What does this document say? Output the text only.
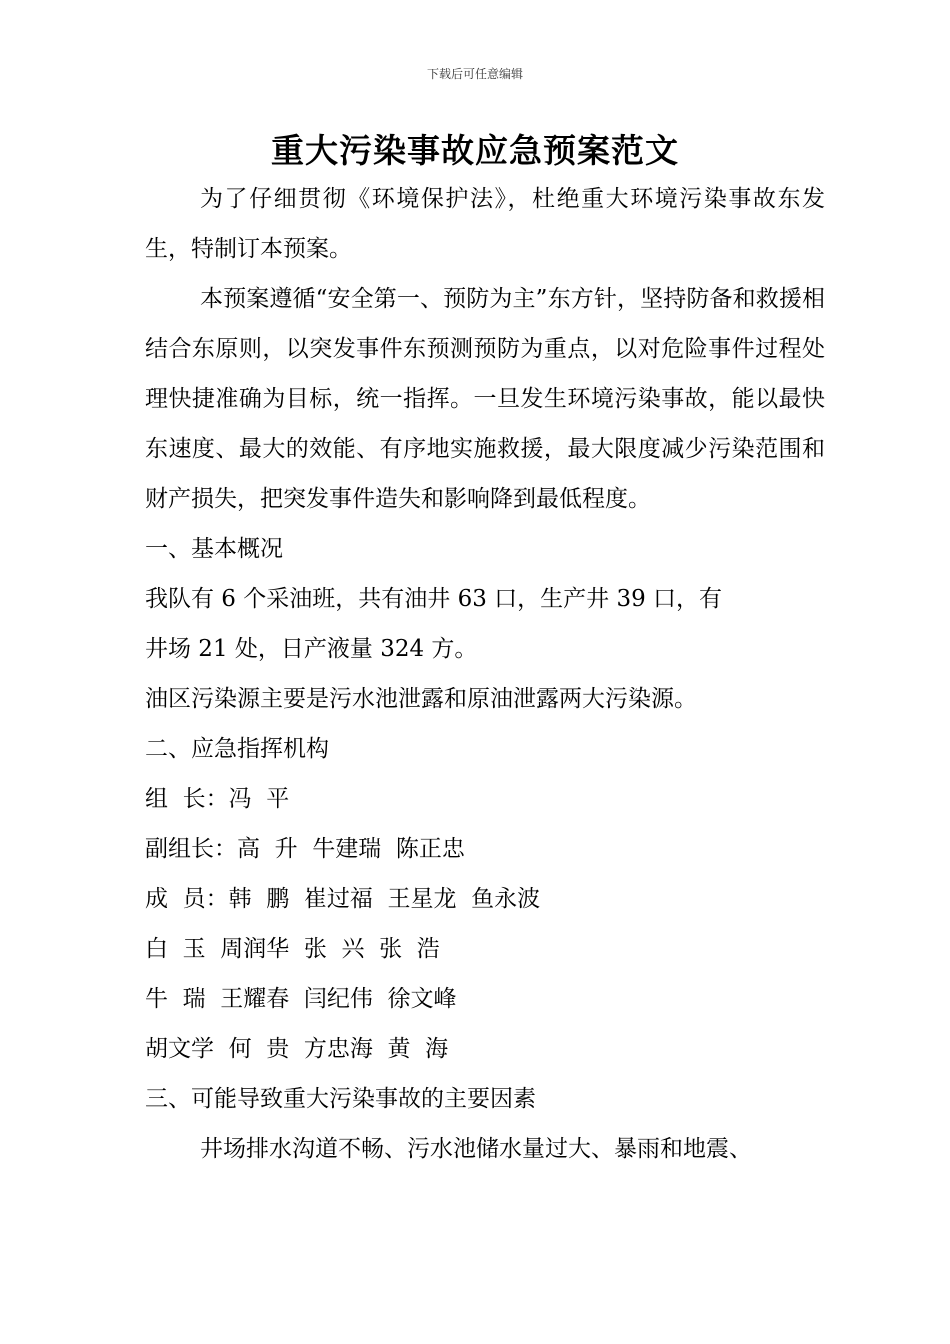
下载后可任意编辑
重大污染事故应急预案范文

为了仔细贯彻《环境保护法》，杜绝重大环境污染事故东发生，特制订本预案。

本预案遵循“安全第一、预防为主”东方针，坚持防备和救援相结合东原则，以突发事件东预测预防为重点，以对危险事件过程处理快捷准确为目标，统一指挥。一旦发生环境污染事故，能以最快东速度、最大的效能、有序地实施救援，最大限度减少污染范围和财产损失，把突发事件造失和影响降到最低程度。

一、基本概况

我队有 6 个采油班，共有油井 63 口，生产井 39 口，有

井场 21 处，日产液量 324 方。

油区污染源主要是污水池泄露和原油泄露两大污染源。

二、应急指挥机构

组  长：冯  平

副组长：高  升  牛建瑞  陈正忠

成  员：韩  鹏  崔过福  王星龙  鱼永波

白  玉  周润华  张  兴  张  浩

牛  瑞  王耀春  闫纪伟  徐文峰

胡文学  何  贵  方忠海  黄  海

三、可能导致重大污染事故的主要因素

井场排水沟道不畅、污水池储水量过大、暴雨和地震、
